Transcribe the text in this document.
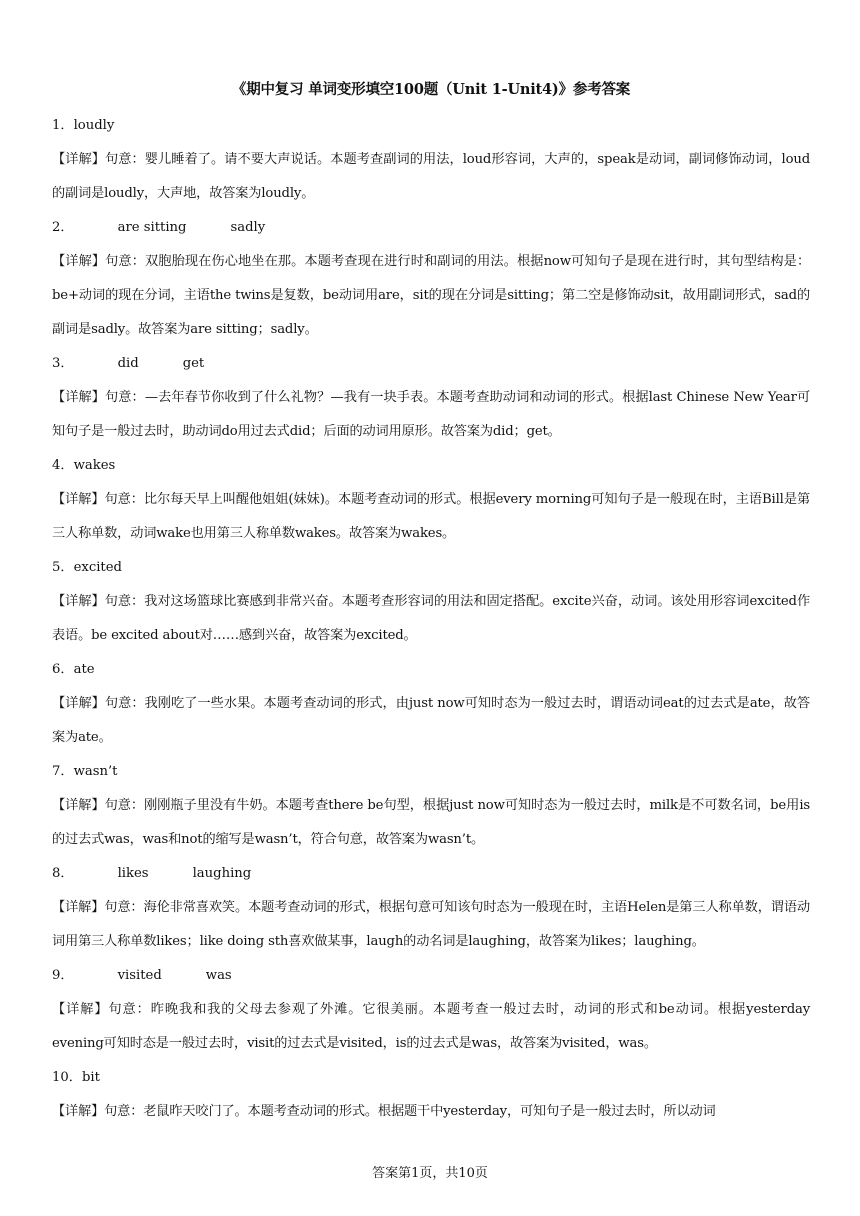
《期中复习 单词变形填空100题（Unit 1-Unit4)》参考答案
1．loudly
【详解】句意：婴儿睡着了。请不要大声说话。本题考查副词的用法，loud形容词，大声的，speak是动词，副词修饰动词，loud的副词是loudly，大声地，故答案为loudly。
2．	are sitting	sadly
【详解】句意：双胞胎现在伤心地坐在那。本题考查现在进行时和副词的用法。根据now可知句子是现在进行时，其句型结构是：be+动词的现在分词，主语the twins是复数，be动词用are，sit的现在分词是sitting；第二空是修饰动sit，故用副词形式，sad的副词是sadly。故答案为are sitting；sadly。
3．	did	get
【详解】句意：—去年春节你收到了什么礼物？—我有一块手表。本题考查助动词和动词的形式。根据last Chinese New Year可知句子是一般过去时，助动词do用过去式did；后面的动词用原形。故答案为did；get。
4．wakes
【详解】句意：比尔每天早上叫醒他姐姐(妹妹)。本题考查动词的形式。根据every morning可知句子是一般现在时，主语Bill是第三人称单数，动词wake也用第三人称单数wakes。故答案为wakes。
5．excited
【详解】句意：我对这场篮球比赛感到非常兴奋。本题考查形容词的用法和固定搭配。excite兴奋，动词。该处用形容词excited作表语。be excited about对……感到兴奋，故答案为excited。
6．ate
【详解】句意：我刚吃了一些水果。本题考查动词的形式，由just now可知时态为一般过去时，谓语动词eat的过去式是ate，故答案为ate。
7．wasn’t
【详解】句意：刚刚瓶子里没有牛奶。本题考查there be句型，根据just now可知时态为一般过去时，milk是不可数名词，be用is的过去式was，was和not的缩写是wasn’t，符合句意，故答案为wasn’t。
8．	likes	laughing
【详解】句意：海伦非常喜欢笑。本题考查动词的形式，根据句意可知该句时态为一般现在时，主语Helen是第三人称单数，谓语动词用第三人称单数likes；like doing sth喜欢做某事，laugh的动名词是laughing，故答案为likes；laughing。
9．	visited	was
【详解】句意：昨晚我和我的父母去参观了外滩。它很美丽。本题考查一般过去时，动词的形式和be动词。根据yesterday evening可知时态是一般过去时，visit的过去式是visited，is的过去式是was，故答案为visited，was。
10．bit
【详解】句意：老鼠昨天咬门了。本题考查动词的形式。根据题干中yesterday，可知句子是一般过去时，所以动词
答案第1页，共10页
